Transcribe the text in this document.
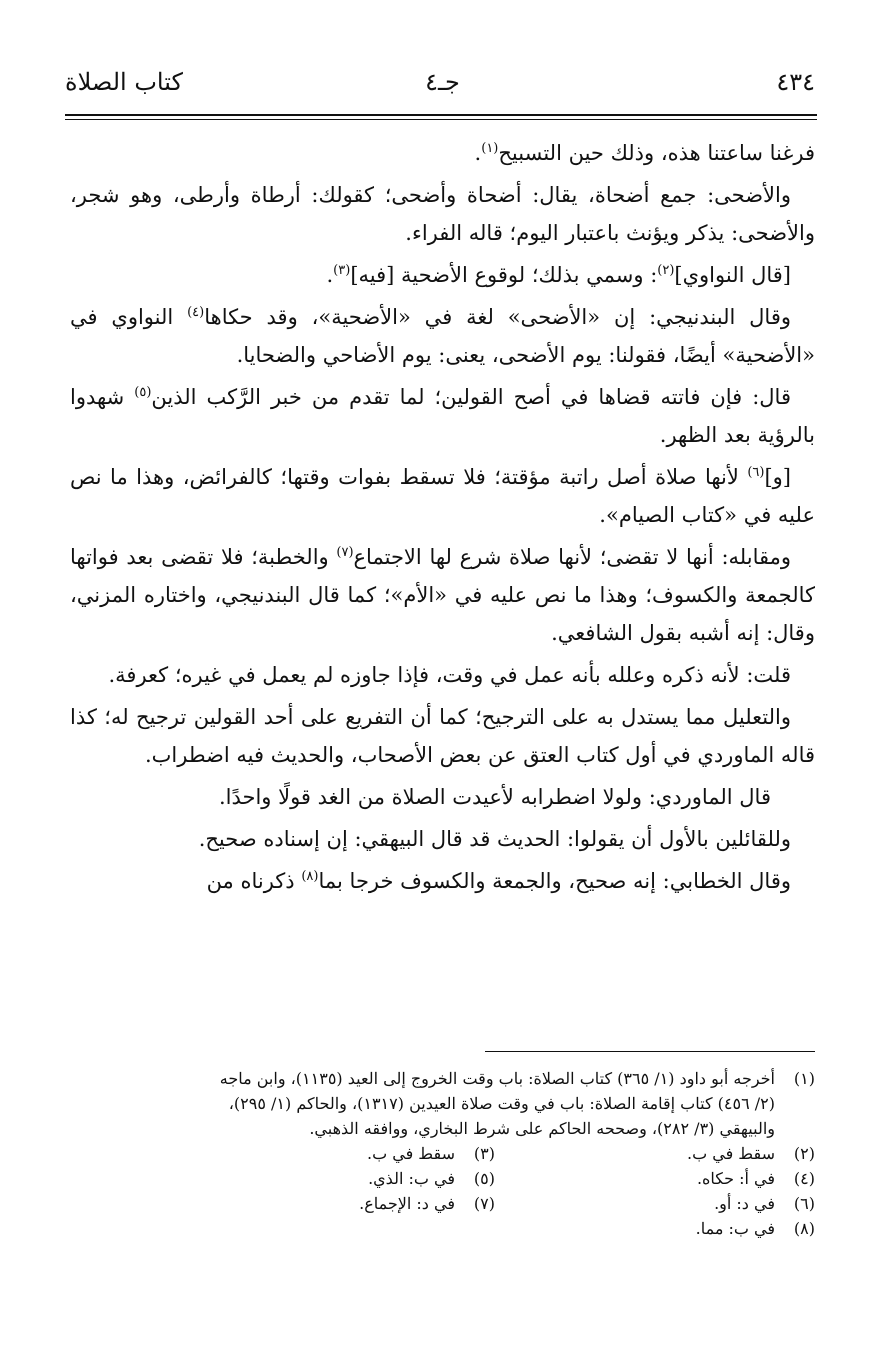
٤٣٤
جـ٤
كتاب الصلاة

فرغنا ساعتنا هذه، وذلك حين التسبيح$^{(١)}$.

والأضحى: جمع أضحاة، يقال: أضحاة وأضحى؛ كقولك: أرطاة وأرطى، وهو شجر، والأضحى: يذكر ويؤنث باعتبار اليوم؛ قاله الفراء.

[قال النواوي]$^{(٢)}$: وسمي بذلك؛ لوقوع الأضحية [فيه]$^{(٣)}$.

وقال البندنيجي: إن «الأضحى» لغة في «الأضحية»، وقد حكاها$^{(٤)}$ النواوي في «الأضحية» أيضًا، فقولنا: يوم الأضحى، يعنى: يوم الأضاحي والضحايا.

قال: فإن فاتته قضاها في أصح القولين؛ لما تقدم من خبر الرَّكب الذين$^{(٥)}$ شهدوا بالرؤية بعد الظهر.

[و]$^{(٦)}$ لأنها صلاة أصل راتبة مؤقتة؛ فلا تسقط بفوات وقتها؛ كالفرائض، وهذا ما نص عليه في «كتاب الصيام».

ومقابله: أنها لا تقضى؛ لأنها صلاة شرع لها الاجتماع$^{(٧)}$ والخطبة؛ فلا تقضى بعد فواتها كالجمعة والكسوف؛ وهذا ما نص عليه في «الأم»؛ كما قال البندنيجي، واختاره المزني، وقال: إنه أشبه بقول الشافعي.

قلت: لأنه ذكره وعلله بأنه عمل في وقت، فإذا جاوزه لم يعمل في غيره؛ كعرفة.

والتعليل مما يستدل به على الترجيح؛ كما أن التفريع على أحد القولين ترجيح له؛ كذا قاله الماوردي في أول كتاب العتق عن بعض الأصحاب، والحديث فيه اضطراب.

قال الماوردي: ولولا اضطرابه لأعيدت الصلاة من الغد قولًا واحدًا.

وللقائلين بالأول أن يقولوا: الحديث قد قال البيهقي: إن إسناده صحيح.

وقال الخطابي: إنه صحيح، والجمعة والكسوف خرجا بما$^{(٨)}$ ذكرناه من

(١)أخرجه أبو داود (١/ ٣٦٥) كتاب الصلاة: باب وقت الخروج إلى العيد (١١٣٥)، وابن ماجه

(٢/ ٤٥٦) كتاب إقامة الصلاة: باب في وقت صلاة العيدين (١٣١٧)، والحاكم (١/ ٢٩٥)،

والبيهقي (٣/ ٢٨٢)، وصححه الحاكم على شرط البخاري، ووافقه الذهبي.

(٢)سقط في ب.
(٣)سقط في ب.
(٤)في أ: حكاه.
(٥)في ب: الذي.
(٦)في د: أو.
(٧)في د: الإجماع.
(٨)في ب: مما.
